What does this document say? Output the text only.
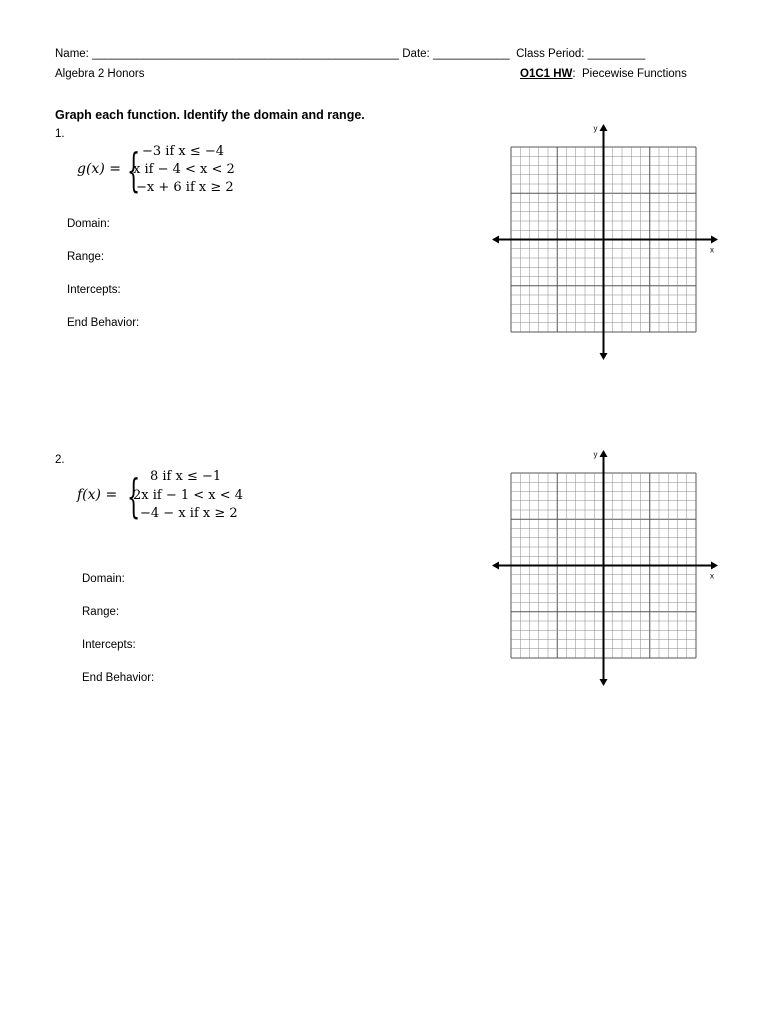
Name: ________________________________________________ Date: ____________  Class Period: _________
Algebra 2 Honors	O1C1 HW:  Piecewise Functions
Graph each function. Identify the domain and range.
1.
g(x) = { −3 if x ≤ −4
x if − 4 < x < 2
−x + 6 if x ≥ 2
Domain:
Range:
Intercepts:
End Behavior:
x
y
2.
f(x) = { 8 if x ≤ −1
2x if − 1 < x < 4
−4 − x if x ≥ 2
Domain:
Range:
Intercepts:
End Behavior:
x
y
